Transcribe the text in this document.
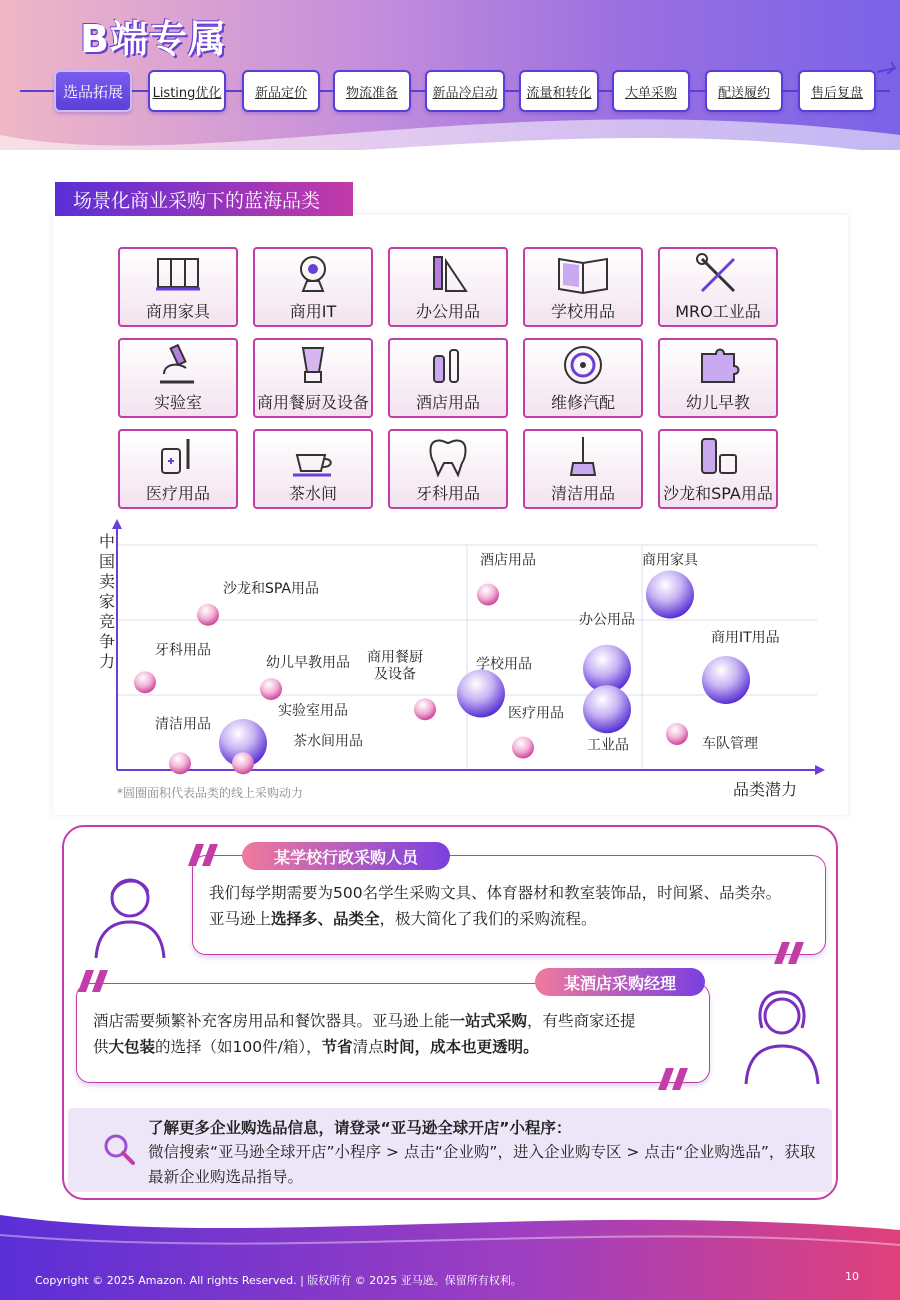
B端专属
选品拓展	Listing优化	新品定价	物流准备	新品冷启动	流量和转化	大单采购	配送履约	售后复盘
场景化商业采购下的蓝海品类
商用家具	商用IT	办公用品	学校用品	MRO工业品
实验室	商用餐厨及设备	酒店用品	维修汽配	幼儿早教
医疗用品	茶水间	牙科用品	清洁用品	沙龙和SPA用品
中国卖家竞争力
品类潜力
*圆圈面积代表品类的线上采购动力
沙龙和SPA用品
牙科用品
幼儿早教用品
清洁用品
实验室用品
茶水间用品
商用餐厨及设备
学校用品
酒店用品
医疗用品
办公用品
工业品
商用家具
商用IT用品
车队管理
某学校行政采购人员
我们每学期需要为500名学生采购文具、体育器材和教室装饰品，时间紧、品类杂。
亚马逊上选择多、品类全，极大简化了我们的采购流程。
某酒店采购经理
酒店需要频繁补充客房用品和餐饮器具。亚马逊上能一站式采购，有些商家还提
供大包装的选择（如100件/箱），节省清点时间，成本也更透明。
了解更多企业购选品信息，请登录“亚马逊全球开店”小程序：
微信搜索“亚马逊全球开店”小程序 > 点击“企业购”，进入企业购专区 > 点击“企业购选品”，获取最新企业购选品指导。
Copyright © 2025 Amazon. All rights Reserved. | 版权所有 © 2025 亚马逊。保留所有权利。	10
